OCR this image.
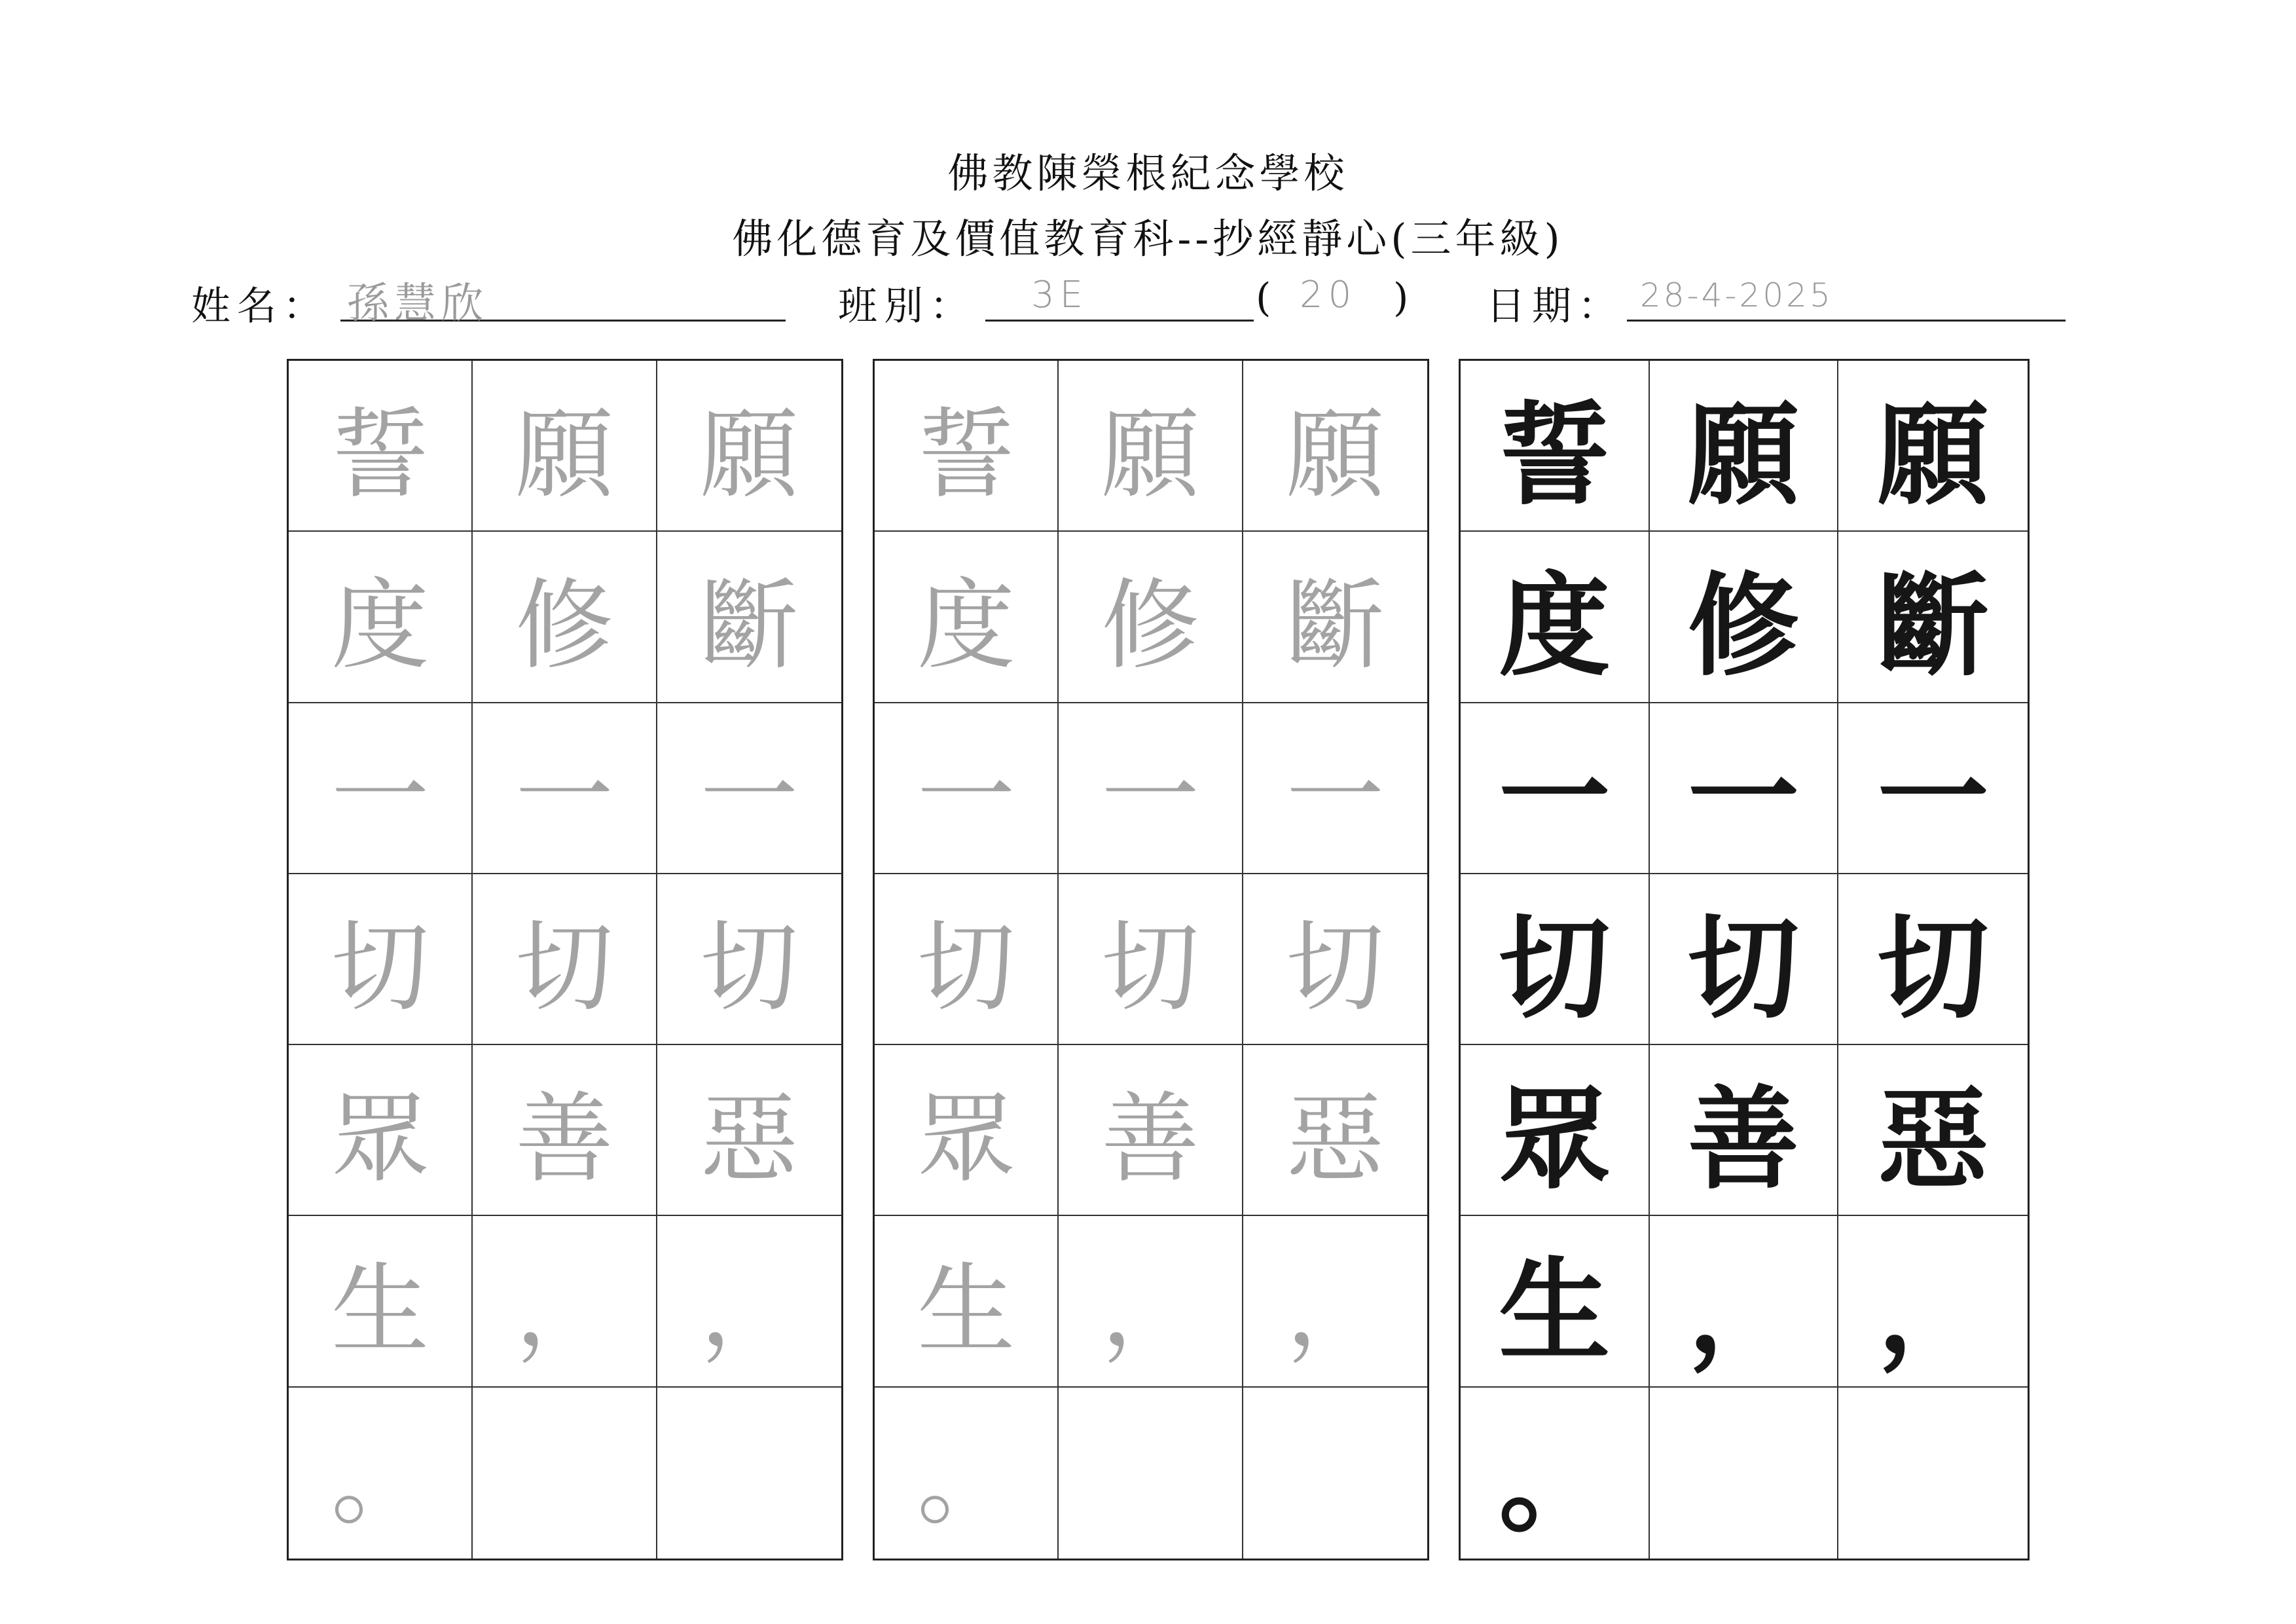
佛教陳榮根紀念學校
佛化德育及價值教育科--抄經靜心(三年級)
姓名： 孫慧欣	班別： 3E	( 20 ) 日期： 28-4-2025
誓 願 願
度 修 斷
一 一 一
切 切 切
眾 善 惡
生 ， ，
。
誓 願 願
度 修 斷
一 一 一
切 切 切
眾 善 惡
生 ， ，
。
誓 願 願
度 修 斷
一 一 一
切 切 切
眾 善 惡
生 ， ，
。
